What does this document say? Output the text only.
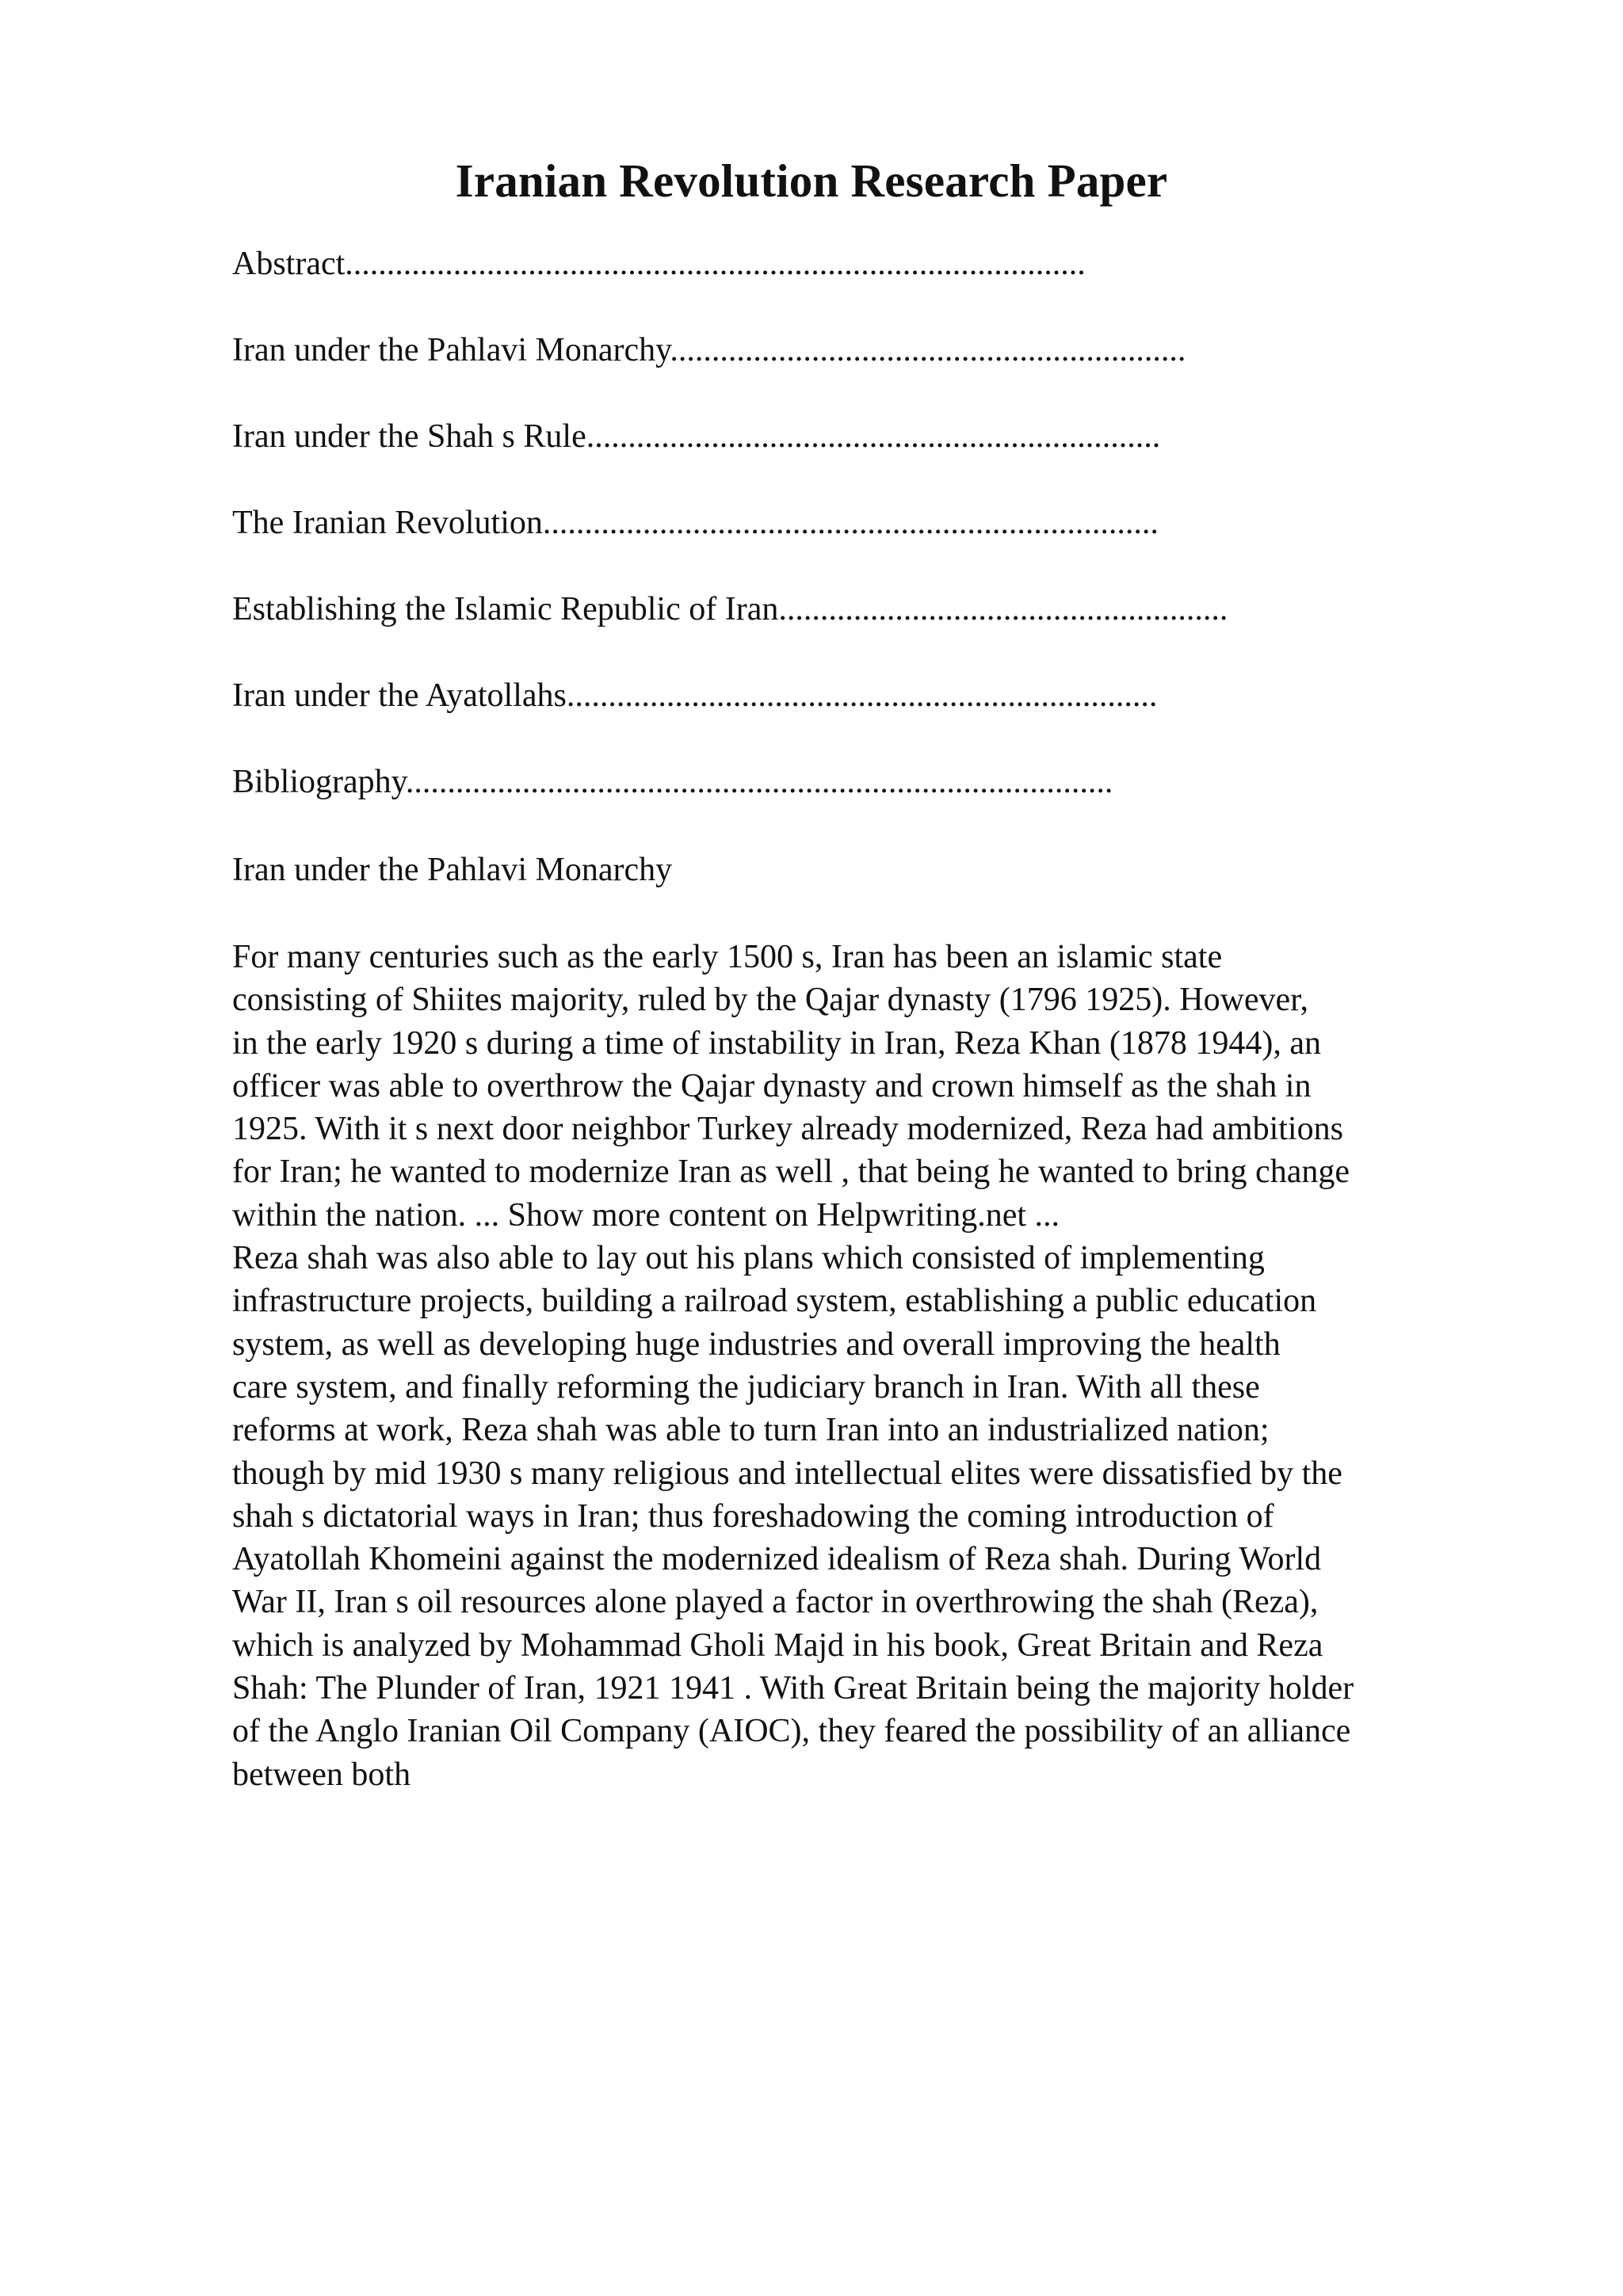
Iranian Revolution Research Paper
Abstract.........................................................................................
Iran under the Pahlavi Monarchy..............................................................
Iran under the Shah s Rule.....................................................................
The Iranian Revolution..........................................................................
Establishing the Islamic Republic of Iran......................................................
Iran under the Ayatollahs.......................................................................
Bibliography.....................................................................................
Iran under the Pahlavi Monarchy
For many centuries such as the early 1500 s, Iran has been an islamic state
consisting of Shiites majority, ruled by the Qajar dynasty (1796 1925). However,
in the early 1920 s during a time of instability in Iran, Reza Khan (1878 1944), an
officer was able to overthrow the Qajar dynasty and crown himself as the shah in
1925. With it s next door neighbor Turkey already modernized, Reza had ambitions
for Iran; he wanted to modernize Iran as well , that being he wanted to bring change
within the nation. ... Show more content on Helpwriting.net ...
Reza shah was also able to lay out his plans which consisted of implementing
infrastructure projects, building a railroad system, establishing a public education
system, as well as developing huge industries and overall improving the health
care system, and finally reforming the judiciary branch in Iran. With all these
reforms at work, Reza shah was able to turn Iran into an industrialized nation;
though by mid 1930 s many religious and intellectual elites were dissatisfied by the
shah s dictatorial ways in Iran; thus foreshadowing the coming introduction of
Ayatollah Khomeini against the modernized idealism of Reza shah. During World
War II, Iran s oil resources alone played a factor in overthrowing the shah (Reza),
which is analyzed by Mohammad Gholi Majd in his book, Great Britain and Reza
Shah: The Plunder of Iran, 1921 1941 . With Great Britain being the majority holder
of the Anglo Iranian Oil Company (AIOC), they feared the possibility of an alliance
between both
